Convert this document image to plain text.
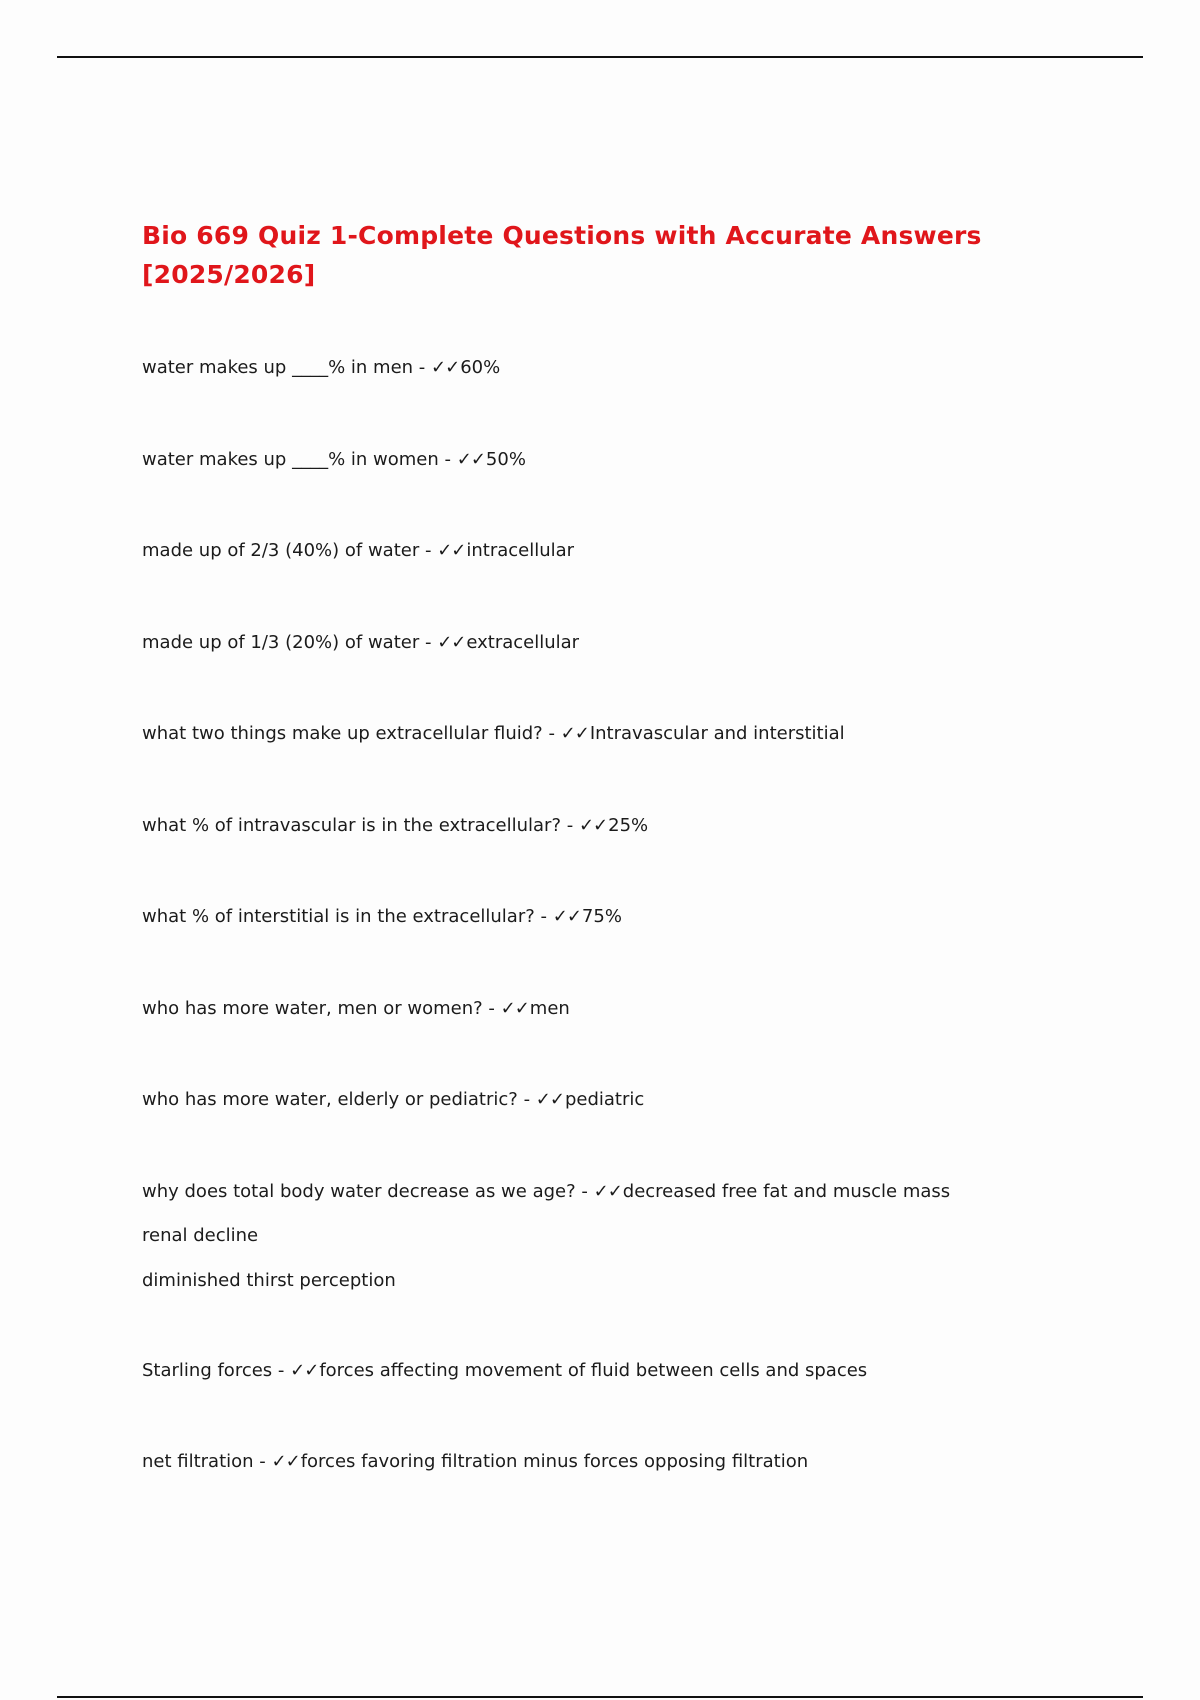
Bio 669 Quiz 1-Complete Questions with Accurate Answers [2025/2026]

water makes up ____% in men - ✓✓60%

water makes up ____% in women - ✓✓50%

made up of 2/3 (40%) of water - ✓✓intracellular

made up of 1/3 (20%) of water - ✓✓extracellular

what two things make up extracellular fluid? - ✓✓Intravascular and interstitial

what % of intravascular is in the extracellular? - ✓✓25%

what % of interstitial is in the extracellular? - ✓✓75%

who has more water, men or women? - ✓✓men

who has more water, elderly or pediatric? - ✓✓pediatric

why does total body water decrease as we age? - ✓✓decreased free fat and muscle mass

renal decline

diminished thirst perception

Starling forces - ✓✓forces affecting movement of fluid between cells and spaces

net filtration - ✓✓forces favoring filtration minus forces opposing filtration
